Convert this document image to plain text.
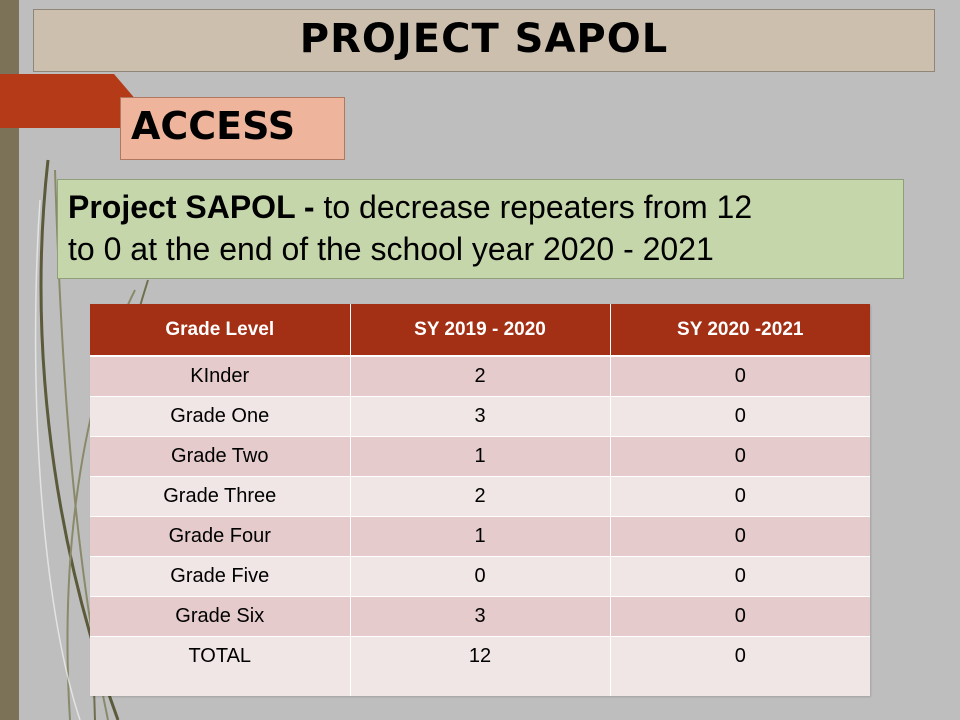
PROJECT SAPOL
ACCESS
Project SAPOL - to decrease repeaters from 12
to 0 at the end of the school year 2020 - 2021
Grade Level	SY 2019 - 2020	SY 2020 -2021
KInder	2	0
Grade One	3	0
Grade Two	1	0
Grade Three	2	0
Grade Four	1	0
Grade Five	0	0
Grade Six	3	0
TOTAL	12	0
